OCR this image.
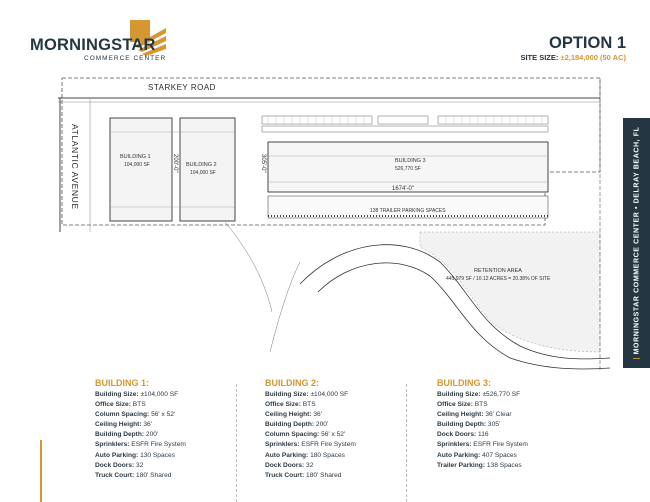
MORNINGSTAR
COMMERCE CENTER
OPTION 1
SITE SIZE: ±2,184,000 (50 AC)
STARKEY ROAD
ATLANTIC AVENUE	BUILDING 1
104,000 SF	BUILDING 2
104,000 SF
200'-0"	BUILDING 3
526,770 SF
305'-0"
1674'-0"
138 TRAILER PARKING SPACES
RETENTION AREA
445,979 SF / 10.12 ACRES = 20.38% OF SITE
| MORNINGSTAR COMMERCE CENTER • DELRAY BEACH, FL
BUILDING 1:
Building Size: ±104,000 SF
Office Size: BTS
Column Spacing: 56' x 52'
Ceiling Height: 36'
Building Depth: 200'
Sprinklers: ESFR Fire System
Auto Parking: 130 Spaces
Dock Doors: 32
Truck Court: 180' Shared
BUILDING 2:
Building Size: ±104,000 SF
Office Size: BTS
Ceiling Height: 36'
Building Depth: 200'
Column Spacing: 56' x 52'
Sprinklers: ESFR Fire System
Auto Parking: 180 Spaces
Dock Doors: 32
Truck Court: 180' Shared
BUILDING 3:
Building Size: ±526,770 SF
Office Size: BTS
Ceiling Height: 36' Clear
Building Depth: 305'
Dock Doors: 116
Sprinklers: ESFR Fire System
Auto Parking: 407 Spaces
Trailer Parking: 138 Spaces
